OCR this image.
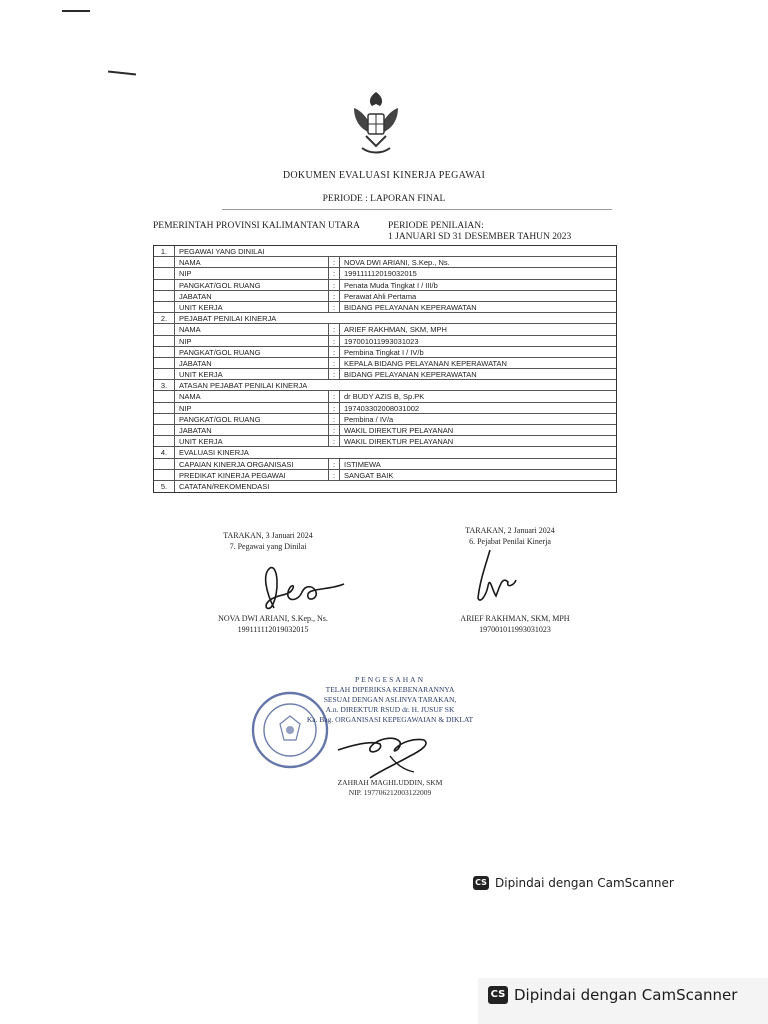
DOKUMEN EVALUASI KINERJA PEGAWAI
PERIODE : LAPORAN FINAL
PEMERINTAH PROVINSI KALIMANTAN UTARA	PERIODE PENILAIAN:
1 JANUARI SD 31 DESEMBER TAHUN 2023
1.	PEGAWAI YANG DINILAI
NAMA	:	NOVA DWI ARIANI, S.Kep., Ns.
NIP	:	199111112019032015
PANGKAT/GOL RUANG	:	Penata Muda Tingkat I / III/b
JABATAN	:	Perawat Ahli Pertama
UNIT KERJA	:	BIDANG PELAYANAN KEPERAWATAN
2.	PEJABAT PENILAI KINERJA
NAMA	:	ARIEF RAKHMAN, SKM, MPH
NIP	:	197001011993031023
PANGKAT/GOL RUANG	:	Pembina Tingkat I / IV/b
JABATAN	:	KEPALA BIDANG PELAYANAN KEPERAWATAN
UNIT KERJA	:	BIDANG PELAYANAN KEPERAWATAN
3.	ATASAN PEJABAT PENILAI KINERJA
NAMA	:	dr BUDY AZIS B, Sp.PK
NIP	:	197403302008031002
PANGKAT/GOL RUANG	:	Pembina / IV/a
JABATAN	:	WAKIL DIREKTUR PELAYANAN
UNIT KERJA	:	WAKIL DIREKTUR PELAYANAN
4.	EVALUASI KINERJA
CAPAIAN KINERJA ORGANISASI	:	ISTIMEWA
PREDIKAT KINERJA PEGAWAI	:	SANGAT BAIK
5.	CATATAN/REKOMENDASI
TARAKAN, 3 Januari 2024
7. Pegawai yang Dinilai
NOVA DWI ARIANI, S.Kep., Ns.
199111112019032015
TARAKAN, 2 Januari 2024
6. Pejabat Penilai Kinerja
ARIEF RAKHMAN, SKM, MPH
197001011993031023
PENGESAHAN
TELAH DIPERIKSA KEBENARANNYA
SESUAI DENGAN ASLINYA TARAKAN,
A.n. DIREKTUR RSUD dr. H. JUSUF SK
Ka. Bag. ORGANISASI KEPEGAWAIAN & DIKLAT
ZAHRAH MAGHLUDDIN, SKM
NIP. 197706212003122009
CS Dipindai dengan CamScanner
CS Dipindai dengan CamScanner
